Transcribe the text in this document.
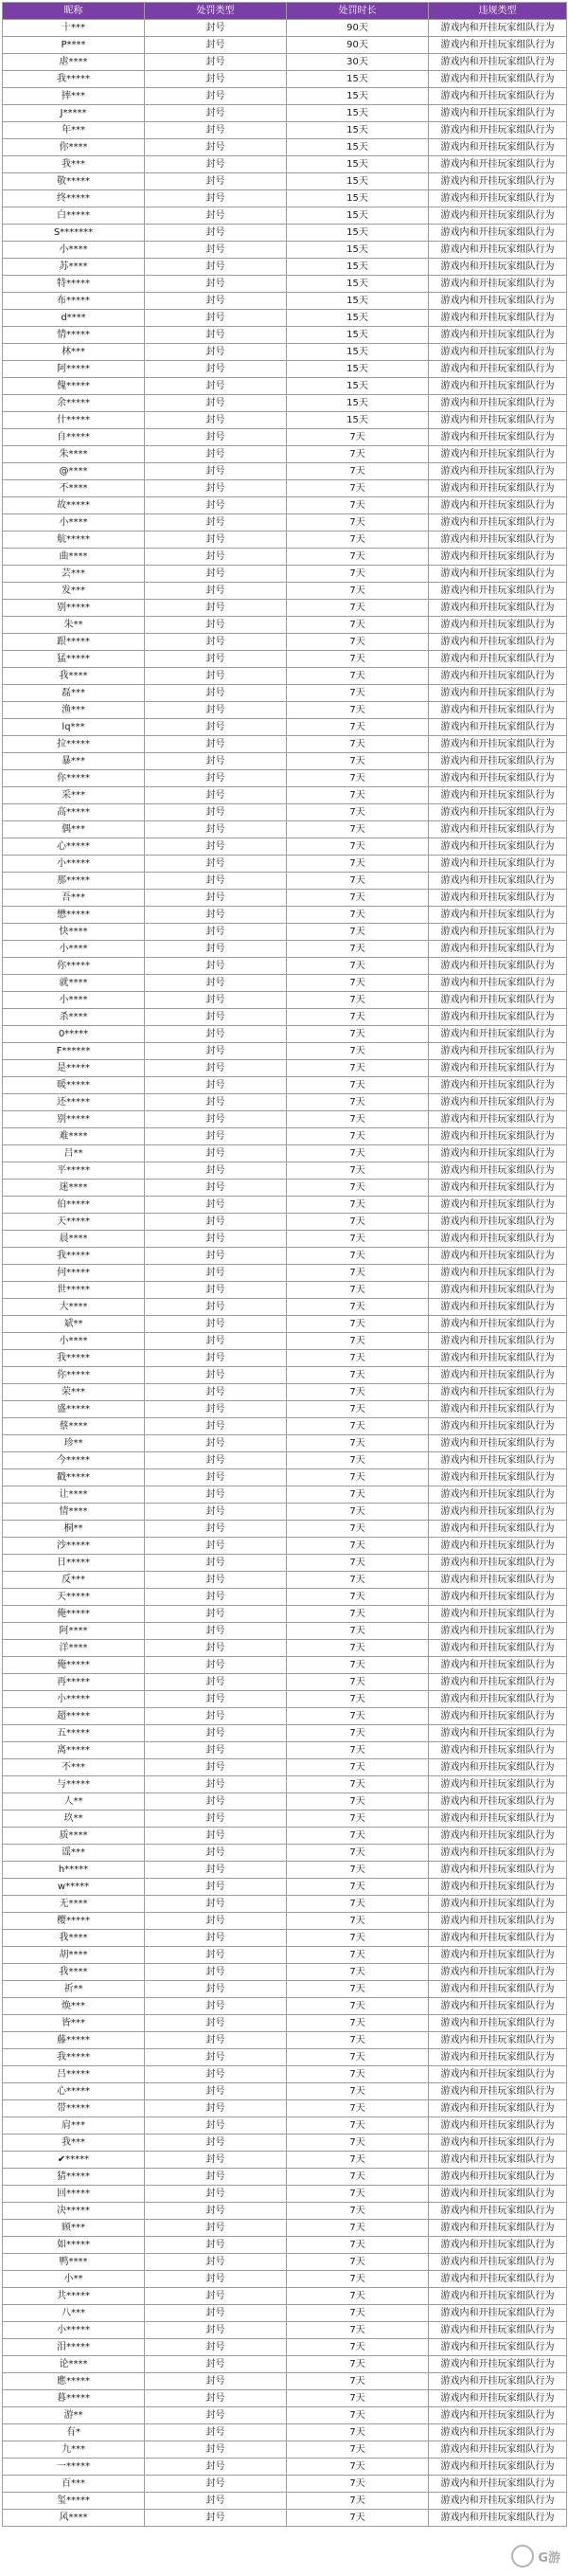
昵称	处罚类型	处罚时长	违规类型
十***	封号	90天	游戏内和开挂玩家组队行为
P****	封号	90天	游戏内和开挂玩家组队行为
虐****	封号	30天	游戏内和开挂玩家组队行为
我*****	封号	15天	游戏内和开挂玩家组队行为
摔***	封号	15天	游戏内和开挂玩家组队行为
J*****	封号	15天	游戏内和开挂玩家组队行为
年***	封号	15天	游戏内和开挂玩家组队行为
你****	封号	15天	游戏内和开挂玩家组队行为
我***	封号	15天	游戏内和开挂玩家组队行为
敬*****	封号	15天	游戏内和开挂玩家组队行为
终*****	封号	15天	游戏内和开挂玩家组队行为
白*****	封号	15天	游戏内和开挂玩家组队行为
S*******	封号	15天	游戏内和开挂玩家组队行为
小****	封号	15天	游戏内和开挂玩家组队行为
苏****	封号	15天	游戏内和开挂玩家组队行为
特*****	封号	15天	游戏内和开挂玩家组队行为
布*****	封号	15天	游戏内和开挂玩家组队行为
d****	封号	15天	游戏内和开挂玩家组队行为
情*****	封号	15天	游戏内和开挂玩家组队行为
林***	封号	15天	游戏内和开挂玩家组队行为
阿*****	封号	15天	游戏内和开挂玩家组队行为
傀*****	封号	15天	游戏内和开挂玩家组队行为
余*****	封号	15天	游戏内和开挂玩家组队行为
什*****	封号	15天	游戏内和开挂玩家组队行为
自*****	封号	7天	游戏内和开挂玩家组队行为
朱****	封号	7天	游戏内和开挂玩家组队行为
@****	封号	7天	游戏内和开挂玩家组队行为
不****	封号	7天	游戏内和开挂玩家组队行为
故*****	封号	7天	游戏内和开挂玩家组队行为
小****	封号	7天	游戏内和开挂玩家组队行为
航*****	封号	7天	游戏内和开挂玩家组队行为
曲****	封号	7天	游戏内和开挂玩家组队行为
芸***	封号	7天	游戏内和开挂玩家组队行为
发***	封号	7天	游戏内和开挂玩家组队行为
别*****	封号	7天	游戏内和开挂玩家组队行为
朱**	封号	7天	游戏内和开挂玩家组队行为
跟*****	封号	7天	游戏内和开挂玩家组队行为
猛*****	封号	7天	游戏内和开挂玩家组队行为
我****	封号	7天	游戏内和开挂玩家组队行为
磊***	封号	7天	游戏内和开挂玩家组队行为
渔***	封号	7天	游戏内和开挂玩家组队行为
lq***	封号	7天	游戏内和开挂玩家组队行为
拉*****	封号	7天	游戏内和开挂玩家组队行为
暴***	封号	7天	游戏内和开挂玩家组队行为
你*****	封号	7天	游戏内和开挂玩家组队行为
采***	封号	7天	游戏内和开挂玩家组队行为
高*****	封号	7天	游戏内和开挂玩家组队行为
偶***	封号	7天	游戏内和开挂玩家组队行为
心*****	封号	7天	游戏内和开挂玩家组队行为
小*****	封号	7天	游戏内和开挂玩家组队行为
那*****	封号	7天	游戏内和开挂玩家组队行为
吾***	封号	7天	游戏内和开挂玩家组队行为
懋*****	封号	7天	游戏内和开挂玩家组队行为
快****	封号	7天	游戏内和开挂玩家组队行为
小****	封号	7天	游戏内和开挂玩家组队行为
你*****	封号	7天	游戏内和开挂玩家组队行为
就****	封号	7天	游戏内和开挂玩家组队行为
小****	封号	7天	游戏内和开挂玩家组队行为
杀****	封号	7天	游戏内和开挂玩家组队行为
0*****	封号	7天	游戏内和开挂玩家组队行为
F******	封号	7天	游戏内和开挂玩家组队行为
是*****	封号	7天	游戏内和开挂玩家组队行为
暖*****	封号	7天	游戏内和开挂玩家组队行为
还*****	封号	7天	游戏内和开挂玩家组队行为
别*****	封号	7天	游戏内和开挂玩家组队行为
难****	封号	7天	游戏内和开挂玩家组队行为
吕**	封号	7天	游戏内和开挂玩家组队行为
平*****	封号	7天	游戏内和开挂玩家组队行为
迷****	封号	7天	游戏内和开挂玩家组队行为
伯*****	封号	7天	游戏内和开挂玩家组队行为
天*****	封号	7天	游戏内和开挂玩家组队行为
晨****	封号	7天	游戏内和开挂玩家组队行为
我*****	封号	7天	游戏内和开挂玩家组队行为
何*****	封号	7天	游戏内和开挂玩家组队行为
世*****	封号	7天	游戏内和开挂玩家组队行为
大****	封号	7天	游戏内和开挂玩家组队行为
斌**	封号	7天	游戏内和开挂玩家组队行为
小****	封号	7天	游戏内和开挂玩家组队行为
我*****	封号	7天	游戏内和开挂玩家组队行为
你*****	封号	7天	游戏内和开挂玩家组队行为
荣***	封号	7天	游戏内和开挂玩家组队行为
盛*****	封号	7天	游戏内和开挂玩家组队行为
蔡****	封号	7天	游戏内和开挂玩家组队行为
珍**	封号	7天	游戏内和开挂玩家组队行为
今*****	封号	7天	游戏内和开挂玩家组队行为
戳*****	封号	7天	游戏内和开挂玩家组队行为
让****	封号	7天	游戏内和开挂玩家组队行为
情****	封号	7天	游戏内和开挂玩家组队行为
桐**	封号	7天	游戏内和开挂玩家组队行为
沙*****	封号	7天	游戏内和开挂玩家组队行为
日*****	封号	7天	游戏内和开挂玩家组队行为
反***	封号	7天	游戏内和开挂玩家组队行为
天*****	封号	7天	游戏内和开挂玩家组队行为
俺*****	封号	7天	游戏内和开挂玩家组队行为
阿****	封号	7天	游戏内和开挂玩家组队行为
洋****	封号	7天	游戏内和开挂玩家组队行为
俺*****	封号	7天	游戏内和开挂玩家组队行为
再*****	封号	7天	游戏内和开挂玩家组队行为
小*****	封号	7天	游戏内和开挂玩家组队行为
超*****	封号	7天	游戏内和开挂玩家组队行为
五*****	封号	7天	游戏内和开挂玩家组队行为
离*****	封号	7天	游戏内和开挂玩家组队行为
不***	封号	7天	游戏内和开挂玩家组队行为
与*****	封号	7天	游戏内和开挂玩家组队行为
人**	封号	7天	游戏内和开挂玩家组队行为
玖**	封号	7天	游戏内和开挂玩家组队行为
质****	封号	7天	游戏内和开挂玩家组队行为
谣***	封号	7天	游戏内和开挂玩家组队行为
h*****	封号	7天	游戏内和开挂玩家组队行为
w*****	封号	7天	游戏内和开挂玩家组队行为
无****	封号	7天	游戏内和开挂玩家组队行为
樱*****	封号	7天	游戏内和开挂玩家组队行为
我****	封号	7天	游戏内和开挂玩家组队行为
胡****	封号	7天	游戏内和开挂玩家组队行为
我****	封号	7天	游戏内和开挂玩家组队行为
祈**	封号	7天	游戏内和开挂玩家组队行为
焕***	封号	7天	游戏内和开挂玩家组队行为
皆***	封号	7天	游戏内和开挂玩家组队行为
藤*****	封号	7天	游戏内和开挂玩家组队行为
我*****	封号	7天	游戏内和开挂玩家组队行为
吕*****	封号	7天	游戏内和开挂玩家组队行为
心*****	封号	7天	游戏内和开挂玩家组队行为
带*****	封号	7天	游戏内和开挂玩家组队行为
肩***	封号	7天	游戏内和开挂玩家组队行为
我***	封号	7天	游戏内和开挂玩家组队行为
✔*****	封号	7天	游戏内和开挂玩家组队行为
猜*****	封号	7天	游戏内和开挂玩家组队行为
回*****	封号	7天	游戏内和开挂玩家组队行为
决*****	封号	7天	游戏内和开挂玩家组队行为
顾***	封号	7天	游戏内和开挂玩家组队行为
如*****	封号	7天	游戏内和开挂玩家组队行为
鸭****	封号	7天	游戏内和开挂玩家组队行为
小**	封号	7天	游戏内和开挂玩家组队行为
共*****	封号	7天	游戏内和开挂玩家组队行为
八***	封号	7天	游戏内和开挂玩家组队行为
小*****	封号	7天	游戏内和开挂玩家组队行为
泪*****	封号	7天	游戏内和开挂玩家组队行为
论****	封号	7天	游戏内和开挂玩家组队行为
應*****	封号	7天	游戏内和开挂玩家组队行为
暮*****	封号	7天	游戏内和开挂玩家组队行为
游**	封号	7天	游戏内和开挂玩家组队行为
有*	封号	7天	游戏内和开挂玩家组队行为
九***	封号	7天	游戏内和开挂玩家组队行为
一*****	封号	7天	游戏内和开挂玩家组队行为
百***	封号	7天	游戏内和开挂玩家组队行为
玺*****	封号	7天	游戏内和开挂玩家组队行为
风****	封号	7天	游戏内和开挂玩家组队行为
G游
